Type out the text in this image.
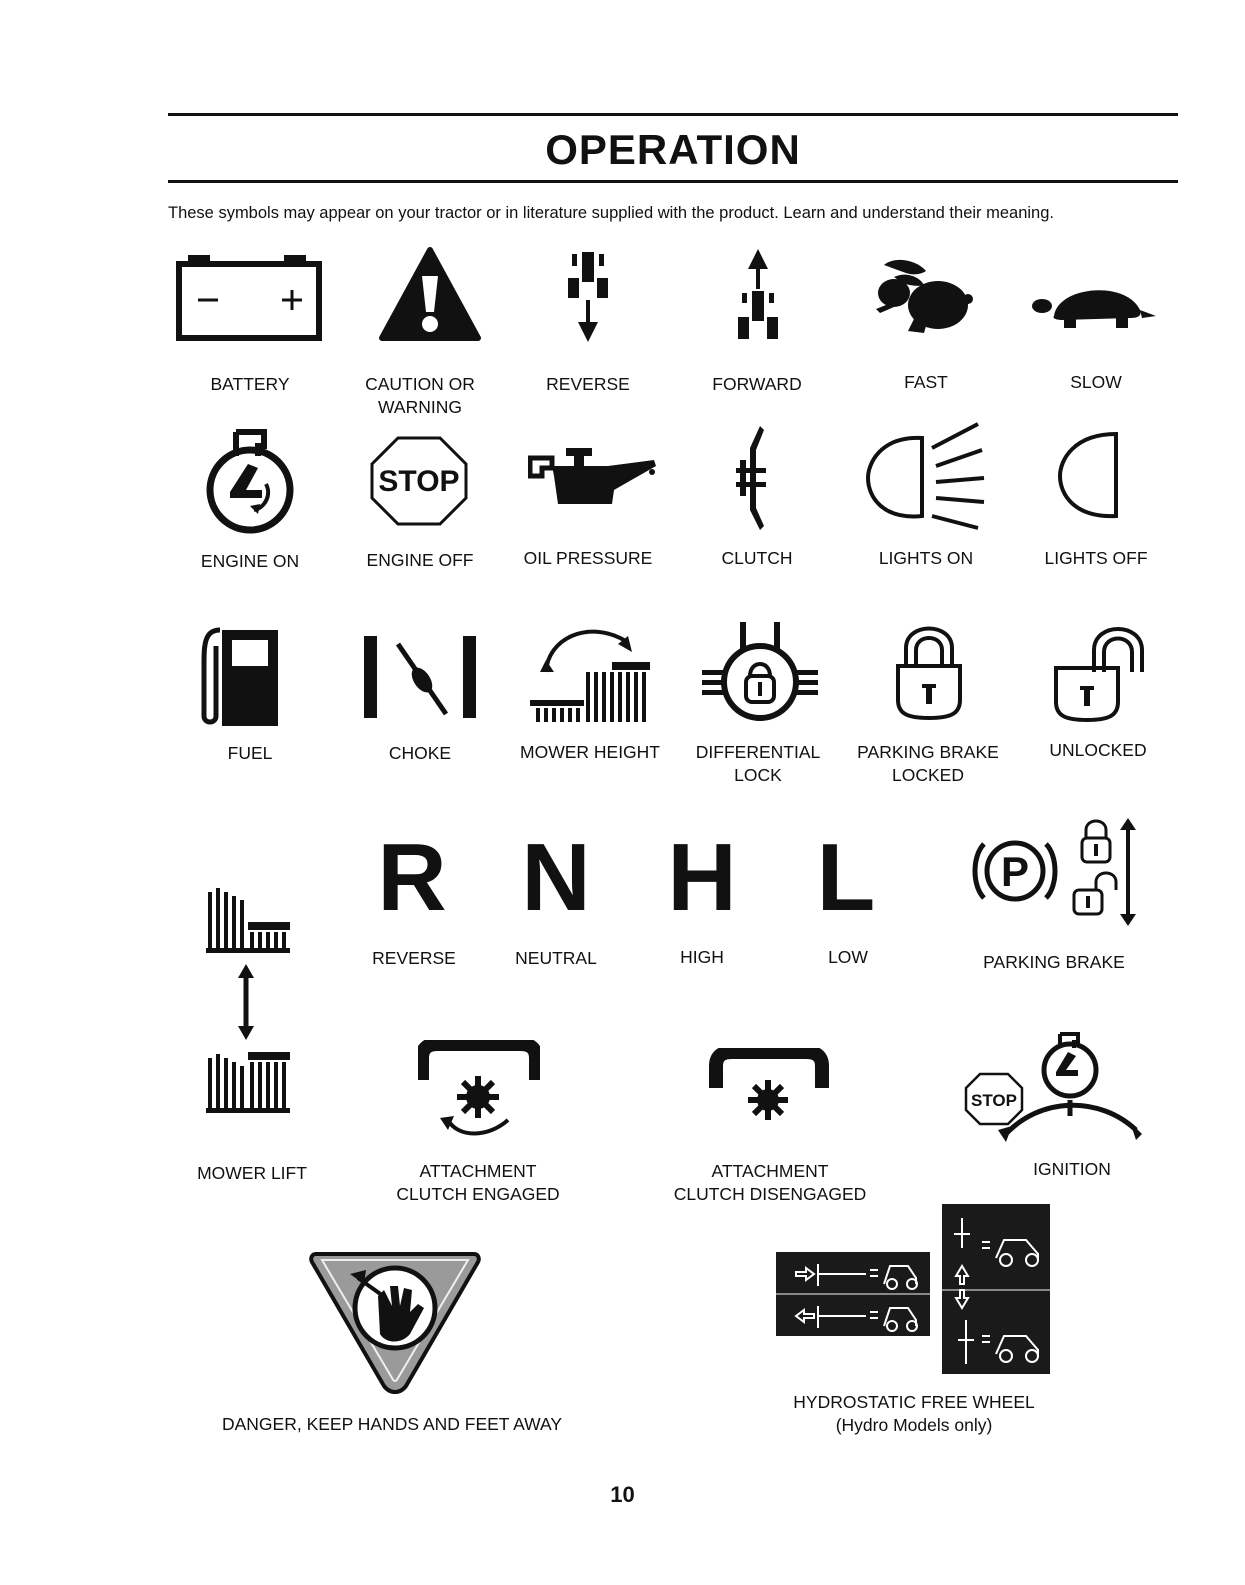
OPERATION
These symbols may appear on your tractor or in literature supplied with the product. Learn and understand their meaning.
BATTERY	CAUTION OR
WARNING
REVERSE	FORWARD	FAST	SLOW
ENGINE ON
STOP
ENGINE OFF	OIL PRESSURE	CLUTCH	LIGHTS ON	LIGHTS OFF
FUEL	CHOKE	MOWER HEIGHT	DIFFERENTIAL
LOCK
PARKING BRAKE
LOCKED
UNLOCKED
MOWER LIFT
R N H L
REVERSE	NEUTRAL	HIGH	LOW
P
PARKING BRAKE
ATTACHMENT
CLUTCH ENGAGED
ATTACHMENT
CLUTCH DISENGAGED
STOP
IGNITION
DANGER, KEEP HANDS AND FEET AWAY
HYDROSTATIC FREE WHEEL
(Hydro Models only)
10
